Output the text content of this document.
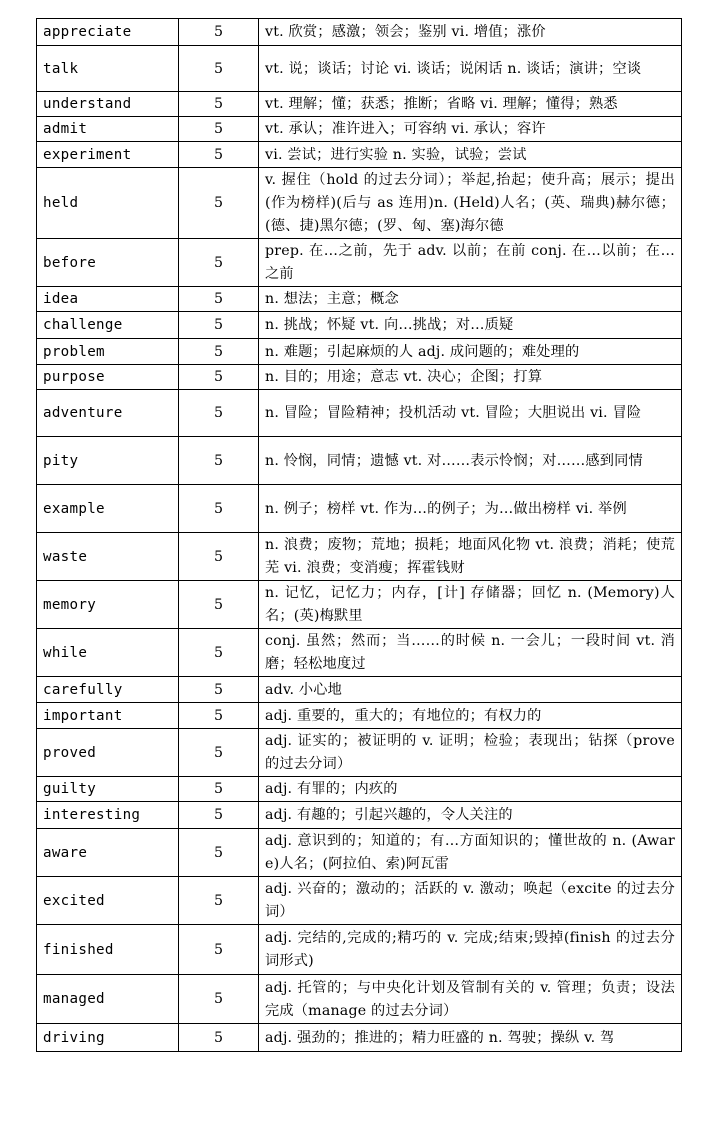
appreciate	5	vt. 欣赏；感激；领会；鉴别 vi. 增值；涨价
talk	5	vt. 说；谈话；讨论 vi. 谈话；说闲话 n. 谈话；演讲；空谈
understand	5	vt. 理解；懂；获悉；推断；省略 vi. 理解；懂得；熟悉
admit	5	vt. 承认；准许进入；可容纳 vi. 承认；容许
experiment	5	vi. 尝试；进行实验 n. 实验，试验；尝试
held	5	v. 握住（hold 的过去分词）；举起,抬起；使升高；展示；提出(作为榜样)(后与 as 连用)n. (Held)人名；(英、瑞典)赫尔德；(德、捷)黑尔德；(罗、匈、塞)海尔德
before	5	prep. 在…之前，先于 adv. 以前；在前 conj. 在…以前；在…之前
idea	5	n. 想法；主意；概念
challenge	5	n. 挑战；怀疑 vt. 向…挑战；对…质疑
problem	5	n. 难题；引起麻烦的人 adj. 成问题的；难处理的
purpose	5	n. 目的；用途；意志 vt. 决心；企图；打算
adventure	5	n. 冒险；冒险精神；投机活动 vt. 冒险；大胆说出 vi. 冒险
pity	5	n. 怜悯，同情；遗憾 vt. 对……表示怜悯；对……感到同情
example	5	n. 例子；榜样 vt. 作为…的例子；为…做出榜样 vi. 举例
waste	5	n. 浪费；废物；荒地；损耗；地面风化物 vt. 浪费；消耗；使荒芜 vi. 浪费；变消瘦；挥霍钱财
memory	5	n. 记忆，记忆力；内存，[计] 存储器；回忆 n. (Memory)人名；(英)梅默里
while	5	conj. 虽然；然而；当……的时候 n. 一会儿；一段时间 vt. 消磨；轻松地度过
carefully	5	adv. 小心地
important	5	adj. 重要的，重大的；有地位的；有权力的
proved	5	adj. 证实的；被证明的 v. 证明；检验；表现出；钻探（prove 的过去分词）
guilty	5	adj. 有罪的；内疚的
interesting	5	adj. 有趣的；引起兴趣的，令人关注的
aware	5	adj. 意识到的；知道的；有…方面知识的；懂世故的 n. (Aware)人名；(阿拉伯、索)阿瓦雷
excited	5	adj. 兴奋的；激动的；活跃的 v. 激动；唤起（excite 的过去分词）
finished	5	adj. 完结的,完成的;精巧的 v. 完成;结束;毁掉(finish 的过去分词形式)
managed	5	adj. 托管的；与中央化计划及管制有关的 v. 管理；负责；设法完成（manage 的过去分词）
driving	5	adj. 强劲的；推进的；精力旺盛的 n. 驾驶；操纵 v. 驾
